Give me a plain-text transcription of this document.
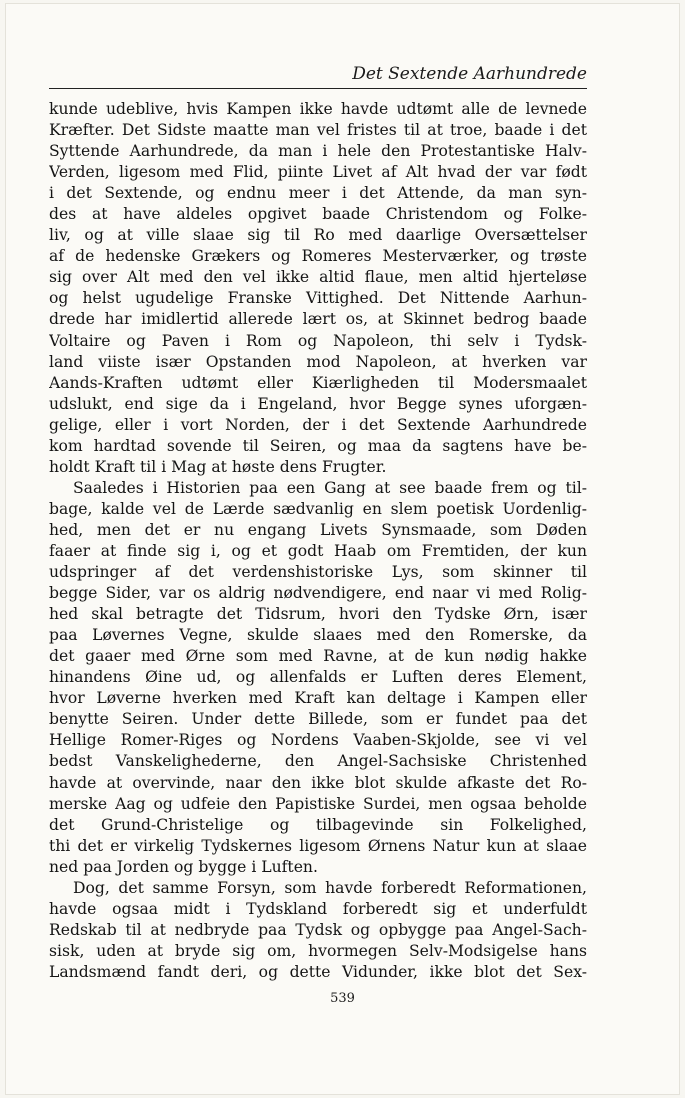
Det Sextende Aarhundrede
kunde udeblive, hvis Kampen ikke havde udtømt alle de levnede
Kræfter. Det Sidste maatte man vel fristes til at troe, baade i det
Syttende Aarhundrede, da man i hele den Protestantiske Halv-
Verden, ligesom med Flid, piinte Livet af Alt hvad der var født
i det Sextende, og endnu meer i det Attende, da man syn-
des at have aldeles opgivet baade Christendom og Folke-
liv, og at ville slaae sig til Ro med daarlige Oversættelser
af de hedenske Grækers og Romeres Mesterværker, og trøste
sig over Alt med den vel ikke altid flaue, men altid hjerteløse
og helst ugudelige Franske Vittighed. Det Nittende Aarhun-
drede har imidlertid allerede lært os, at Skinnet bedrog baade
Voltaire og Paven i Rom og Napoleon, thi selv i Tydsk-
land viiste især Opstanden mod Napoleon, at hverken var
Aands-Kraften udtømt eller Kiærligheden til Modersmaalet
udslukt, end sige da i Engeland, hvor Begge synes uforgæn-
gelige, eller i vort Norden, der i det Sextende Aarhundrede
kom hardtad sovende til Seiren, og maa da sagtens have be-
holdt Kraft til i Mag at høste dens Frugter.
Saaledes i Historien paa een Gang at see baade frem og til-
bage, kalde vel de Lærde sædvanlig en slem poetisk Uordenlig-
hed, men det er nu engang Livets Synsmaade, som Døden
faaer at finde sig i, og et godt Haab om Fremtiden, der kun
udspringer af det verdenshistoriske Lys, som skinner til
begge Sider, var os aldrig nødvendigere, end naar vi med Rolig-
hed skal betragte det Tidsrum, hvori den Tydske Ørn, især
paa Løvernes Vegne, skulde slaaes med den Romerske, da
det gaaer med Ørne som med Ravne, at de kun nødig hakke
hinandens Øine ud, og allenfalds er Luften deres Element,
hvor Løverne hverken med Kraft kan deltage i Kampen eller
benytte Seiren. Under dette Billede, som er fundet paa det
Hellige Romer-Riges og Nordens Vaaben-Skjolde, see vi vel
bedst Vanskelighederne, den Angel-Sachsiske Christenhed
havde at overvinde, naar den ikke blot skulde afkaste det Ro-
merske Aag og udfeie den Papistiske Surdei, men ogsaa beholde
det Grund-Christelige og tilbagevinde sin Folkelighed,
thi det er virkelig Tydskernes ligesom Ørnens Natur kun at slaae
ned paa Jorden og bygge i Luften.
Dog, det samme Forsyn, som havde forberedt Reformationen,
havde ogsaa midt i Tydskland forberedt sig et underfuldt
Redskab til at nedbryde paa Tydsk og opbygge paa Angel-Sach-
sisk, uden at bryde sig om, hvormegen Selv-Modsigelse hans
Landsmænd fandt deri, og dette Vidunder, ikke blot det Sex-
539
